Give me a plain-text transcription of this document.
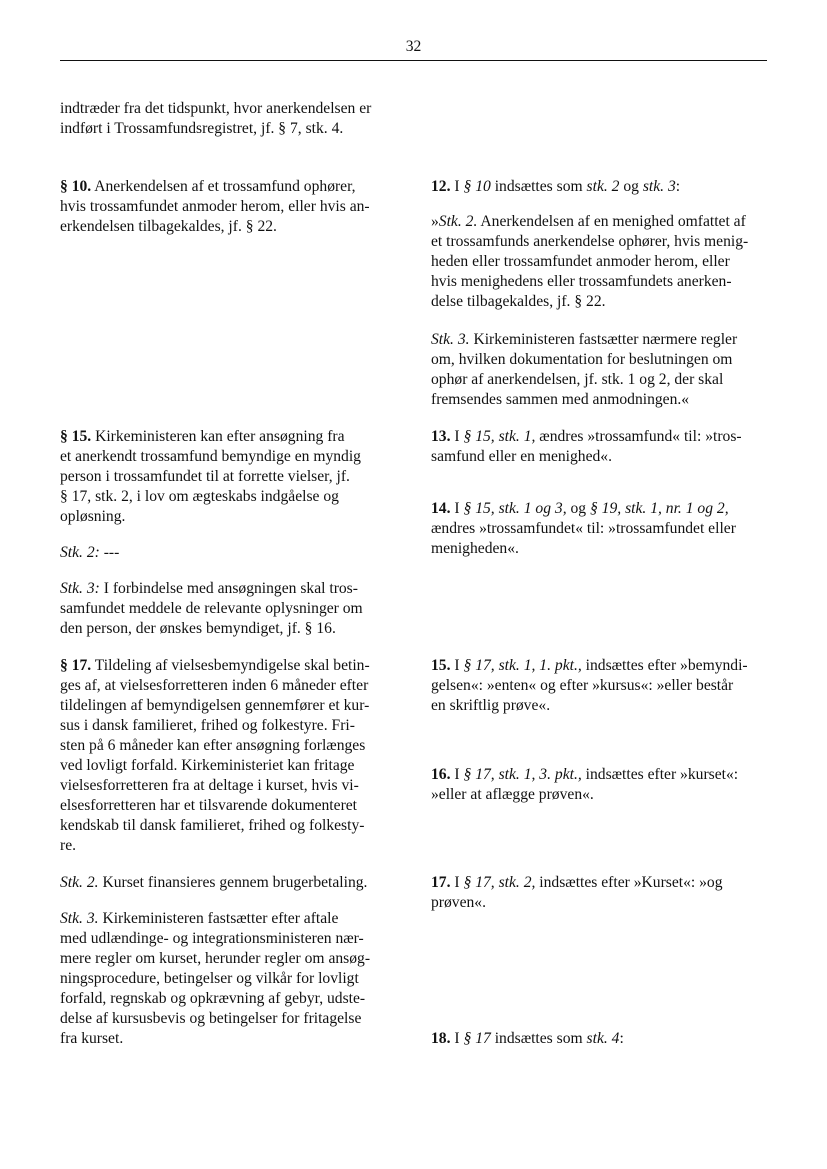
32

indtræder fra det tidspunkt, hvor anerkendelsen er

indført i Trossamfundsregistret, jf. § 7, stk. 4.

§ 10. Anerkendelsen af et trossamfund ophører,

hvis trossamfundet anmoder herom, eller hvis an-

erkendelsen tilbagekaldes, jf. § 22.

§ 15. Kirkeministeren kan efter ansøgning fra

et anerkendt trossamfund bemyndige en myndig

person i trossamfundet til at forrette vielser, jf.

§ 17, stk. 2, i lov om ægteskabs indgåelse og

opløsning.

Stk. 2: ---

Stk. 3: I forbindelse med ansøgningen skal tros-

samfundet meddele de relevante oplysninger om

den person, der ønskes bemyndiget, jf. § 16.

§ 17. Tildeling af vielsesbemyndigelse skal betin-

ges af, at vielsesforretteren inden 6 måneder efter

tildelingen af bemyndigelsen gennemfører et kur-

sus i dansk familieret, frihed og folkestyre. Fri-

sten på 6 måneder kan efter ansøgning forlænges

ved lovligt forfald. Kirkeministeriet kan fritage

vielsesforretteren fra at deltage i kurset, hvis vi-

elsesforretteren har et tilsvarende dokumenteret

kendskab til dansk familieret, frihed og folkesty-

re.

Stk. 2. Kurset finansieres gennem brugerbetaling.

Stk. 3. Kirkeministeren fastsætter efter aftale

med udlændinge- og integrationsministeren nær-

mere regler om kurset, herunder regler om ansøg-

ningsprocedure, betingelser og vilkår for lovligt

forfald, regnskab og opkrævning af gebyr, udste-

delse af kursusbevis og betingelser for fritagelse

fra kurset.

12. I § 10 indsættes som stk. 2 og stk. 3:

»Stk. 2. Anerkendelsen af en menighed omfattet af

et trossamfunds anerkendelse ophører, hvis menig-

heden eller trossamfundet anmoder herom, eller

hvis menighedens eller trossamfundets anerken-

delse tilbagekaldes, jf. § 22.

Stk. 3. Kirkeministeren fastsætter nærmere regler

om, hvilken dokumentation for beslutningen om

ophør af anerkendelsen, jf. stk. 1 og 2, der skal

fremsendes sammen med anmodningen.«

13. I § 15, stk. 1, ændres »trossamfund« til: »tros-

samfund eller en menighed«.

14. I § 15, stk. 1 og 3, og § 19, stk. 1, nr. 1 og 2,

ændres »trossamfundet« til: »trossamfundet eller

menigheden«.

15. I § 17, stk. 1, 1. pkt., indsættes efter »bemyndi-

gelsen«: »enten« og efter »kursus«: »eller består

en skriftlig prøve«.

16. I § 17, stk. 1, 3. pkt., indsættes efter »kurset«:

»eller at aflægge prøven«.

17. I § 17, stk. 2, indsættes efter »Kurset«: »og

prøven«.

18. I § 17 indsættes som stk. 4:
